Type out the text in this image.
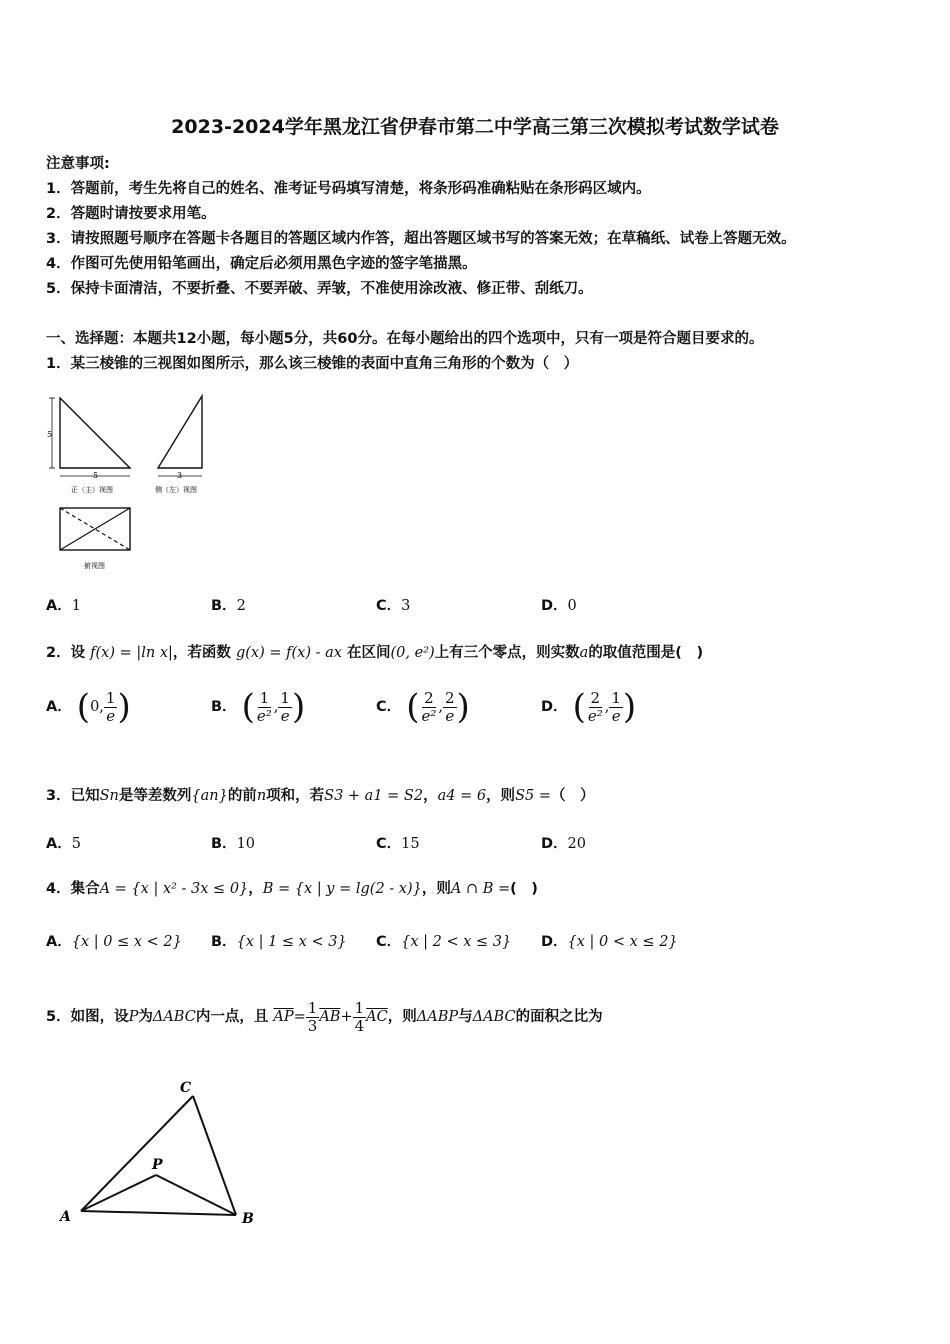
2023-2024学年黑龙江省伊春市第二中学高三第三次模拟考试数学试卷
注意事项:
1．答题前，考生先将自己的姓名、准考证号码填写清楚，将条形码准确粘贴在条形码区域内。
2．答题时请按要求用笔。
3．请按照题号顺序在答题卡各题目的答题区域内作答，超出答题区域书写的答案无效；在草稿纸、试卷上答题无效。
4．作图可先使用铅笔画出，确定后必须用黑色字迹的签字笔描黑。
5．保持卡面清洁，不要折叠、不要弄破、弄皱，不准使用涂改液、修正带、刮纸刀。
一、选择题：本题共12小题，每小题5分，共60分。在每小题给出的四个选项中，只有一项是符合题目要求的。
1．某三棱锥的三视图如图所示，那么该三棱锥的表面中直角三角形的个数为（　）
5
5
正（主）视图
3
侧（左）视图
俯视图
A．1	B．2	C．3	D．0
2．设 f(x) = |ln x|，若函数 g(x) = f(x) - ax 在区间(0, e²)上有三个零点，则实数a的取值范围是(　)
A． (0, $\frac{1}{e}$ )	B． ( $\frac{1}{\text{e²}}$ , $\frac{1}{e}$ )	C． ( $\frac{2}{\text{e²}}$ , $\frac{2}{e}$ )	D． ( $\frac{2}{\text{e²}}$ , $\frac{1}{e}$ )
3．已知Sn是等差数列{an}的前n项和，若S3 + a1 = S2，a4 = 6，则S5 =（　）
A．5	B．10	C．15	D．20
4．集合A = {x | x² - 3x ≤ 0}，B = {x | y = lg(2 - x)}，则A ∩ B =(　)
A．{x | 0 ≤ x < 2} B．{x | 1 ≤ x < 3} C．{x | 2 < x ≤ 3} D．{x | 0 < x ≤ 2}
5．如图，设P为ΔABC内一点，且 $\overline{AP}= \frac{1}{3} \overline{AB}+ \frac{1}{4} \overline{AC}$，则ΔABP与ΔABC的面积之比为
C
P
A	B
